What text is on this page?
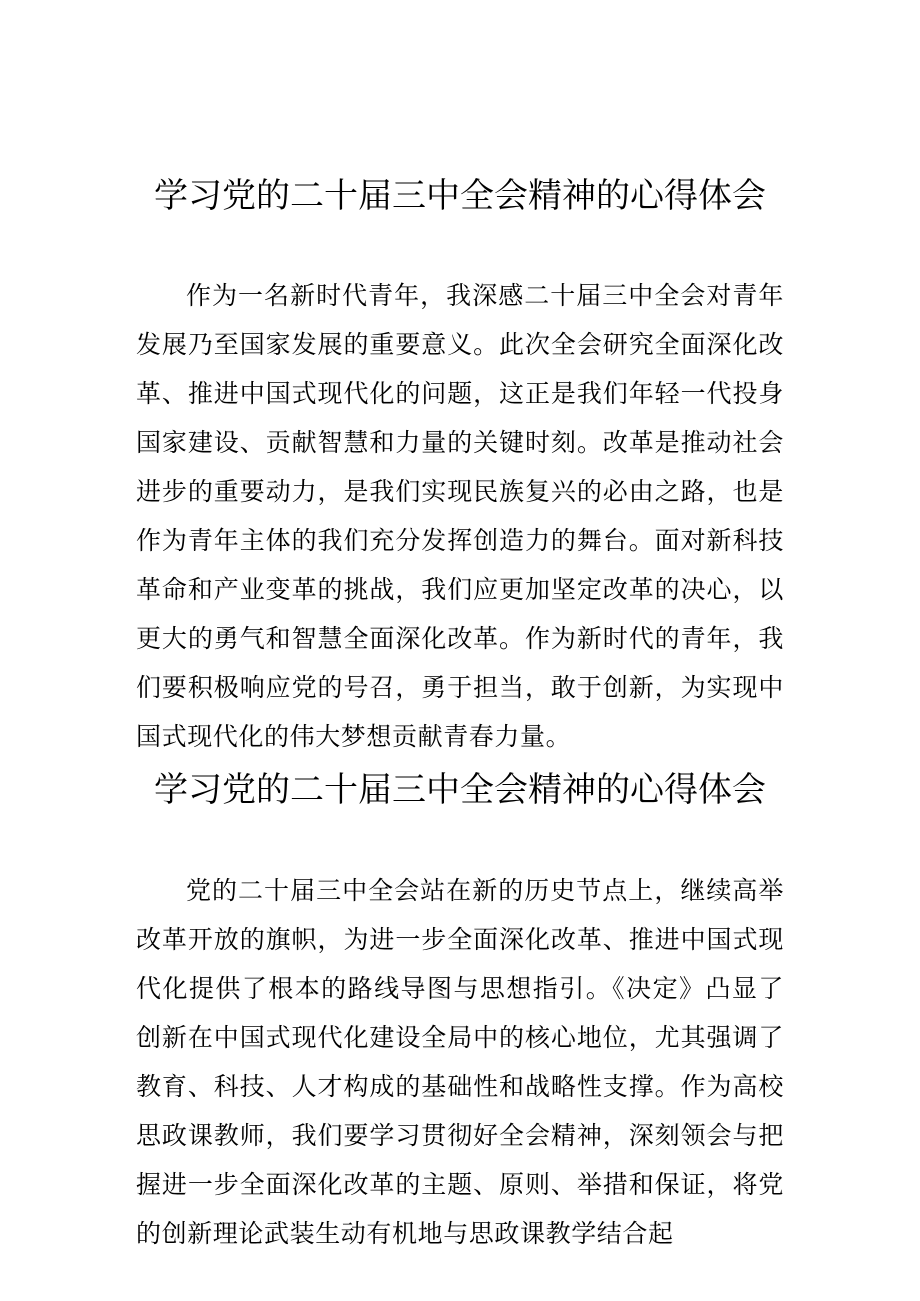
学习党的二十届三中全会精神的心得体会

作为一名新时代青年，我深感二十届三中全会对青年发展乃至国家发展的重要意义。此次全会研究全面深化改革、推进中国式现代化的问题，这正是我们年轻一代投身国家建设、贡献智慧和力量的关键时刻。改革是推动社会进步的重要动力，是我们实现民族复兴的必由之路，也是作为青年主体的我们充分发挥创造力的舞台。面对新科技革命和产业变革的挑战，我们应更加坚定改革的决心，以更大的勇气和智慧全面深化改革。作为新时代的青年，我们要积极响应党的号召，勇于担当，敢于创新，为实现中国式现代化的伟大梦想贡献青春力量。

学习党的二十届三中全会精神的心得体会

党的二十届三中全会站在新的历史节点上，继续高举改革开放的旗帜，为进一步全面深化改革、推进中国式现代化提供了根本的路线导图与思想指引。《决定》凸显了创新在中国式现代化建设全局中的核心地位，尤其强调了教育、科技、人才构成的基础性和战略性支撑。作为高校思政课教师，我们要学习贯彻好全会精神，深刻领会与把握进一步全面深化改革的主题、原则、举措和保证，将党的创新理论武装生动有机地与思政课教学结合起
